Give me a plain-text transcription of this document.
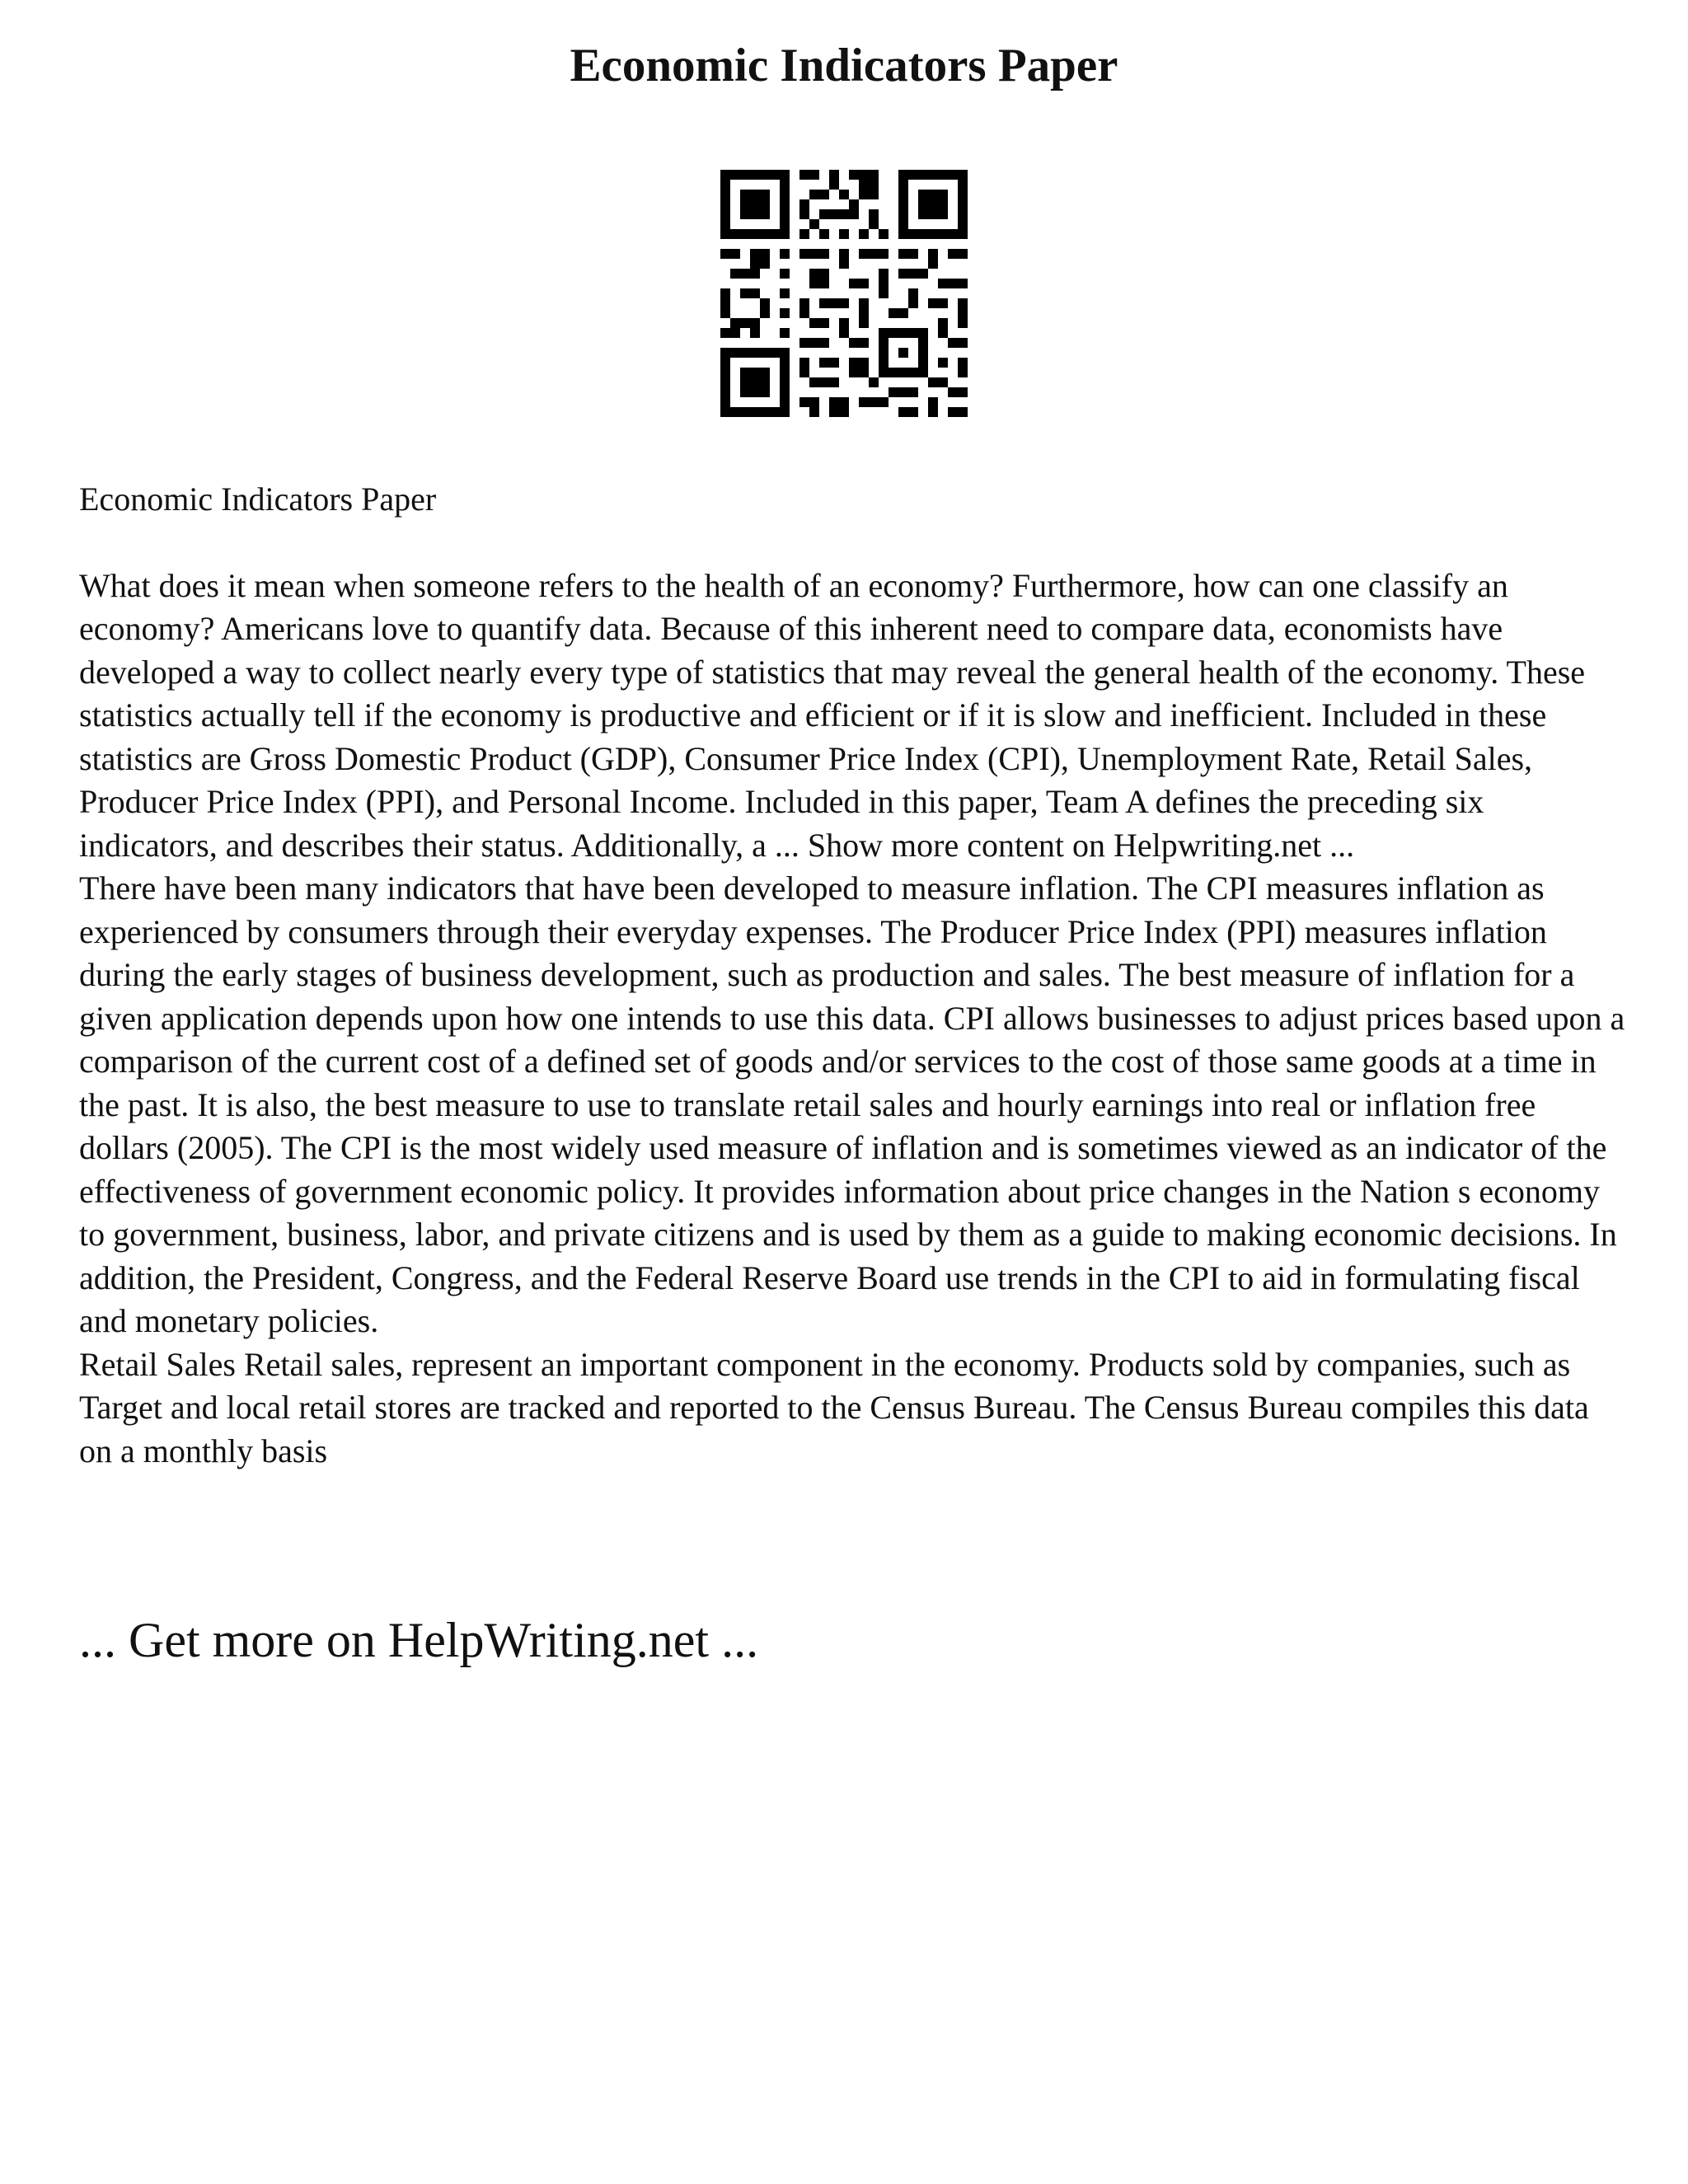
Economic Indicators Paper

Economic Indicators Paper

What does it mean when someone refers to the health of an economy? Furthermore, how can one classify an economy? Americans love to quantify data. Because of this inherent need to compare data, economists have developed a way to collect nearly every type of statistics that may reveal the general health of the economy. These statistics actually tell if the economy is productive and efficient or if it is slow and inefficient. Included in these statistics are Gross Domestic Product (GDP), Consumer Price Index (CPI), Unemployment Rate, Retail Sales, Producer Price Index (PPI), and Personal Income. Included in this paper, Team A defines the preceding six indicators, and describes their status. Additionally, a ... Show more content on Helpwriting.net ...

There have been many indicators that have been developed to measure inflation. The CPI measures inflation as experienced by consumers through their everyday expenses. The Producer Price Index (PPI) measures inflation during the early stages of business development, such as production and sales. The best measure of inflation for a given application depends upon how one intends to use this data. CPI allows businesses to adjust prices based upon a comparison of the current cost of a defined set of goods and/or services to the cost of those same goods at a time in the past. It is also, the best measure to use to translate retail sales and hourly earnings into real or inflation free dollars (2005). The CPI is the most widely used measure of inflation and is sometimes viewed as an indicator of the effectiveness of government economic policy. It provides information about price changes in the Nation s economy to government, business, labor, and private citizens and is used by them as a guide to making economic decisions. In addition, the President, Congress, and the Federal Reserve Board use trends in the CPI to aid in formulating fiscal and monetary policies.

Retail Sales Retail sales, represent an important component in the economy. Products sold by companies, such as Target and local retail stores are tracked and reported to the Census Bureau. The Census Bureau compiles this data on a monthly basis

... Get more on HelpWriting.net ...
